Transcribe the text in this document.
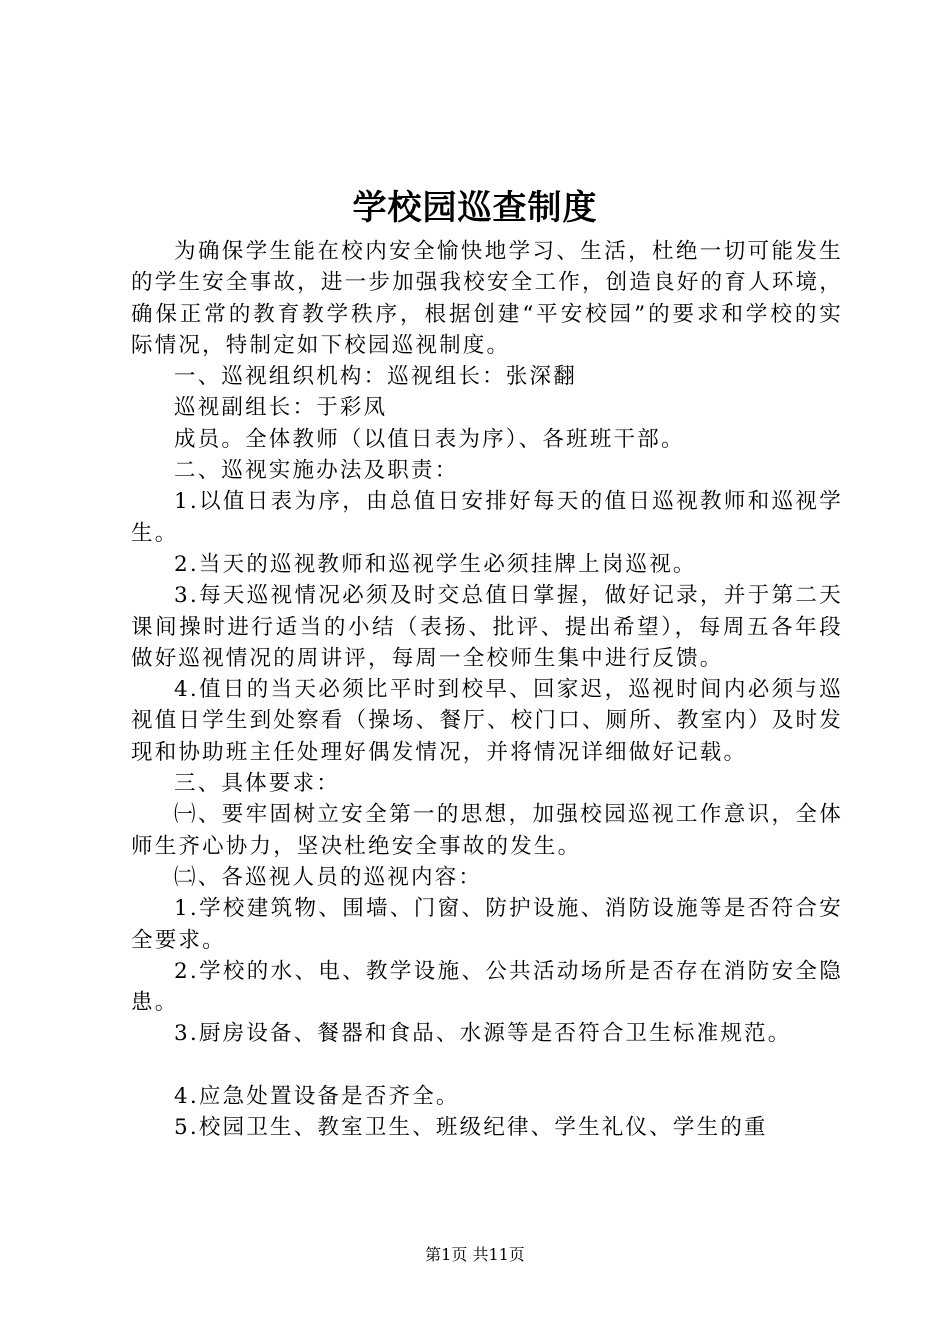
学校园巡查制度

为确保学生能在校内安全愉快地学习、生活，杜绝一切可能发生的学生安全事故，进一步加强我校安全工作，创造良好的育人环境，确保正常的教育教学秩序，根据创建“平安校园”的要求和学校的实际情况，特制定如下校园巡视制度。

一、巡视组织机构：巡视组长：张深翻

巡视副组长：于彩凤

成员。全体教师（以值日表为序）、各班班干部。

二、巡视实施办法及职责：

1.以值日表为序，由总值日安排好每天的值日巡视教师和巡视学生。

2.当天的巡视教师和巡视学生必须挂牌上岗巡视。

3.每天巡视情况必须及时交总值日掌握，做好记录，并于第二天课间操时进行适当的小结（表扬、批评、提出希望），每周五各年段做好巡视情况的周讲评，每周一全校师生集中进行反馈。

4.值日的当天必须比平时到校早、回家迟，巡视时间内必须与巡视值日学生到处察看（操场、餐厅、校门口、厕所、教室内）及时发现和协助班主任处理好偶发情况，并将情况详细做好记载。

三、具体要求：

㈠、要牢固树立安全第一的思想，加强校园巡视工作意识，全体师生齐心协力，坚决杜绝安全事故的发生。

㈡、各巡视人员的巡视内容：

1.学校建筑物、围墙、门窗、防护设施、消防设施等是否符合安全要求。

2.学校的水、电、教学设施、公共活动场所是否存在消防安全隐患。

3.厨房设备、餐器和食品、水源等是否符合卫生标准规范。

4.应急处置设备是否齐全。

5.校园卫生、教室卫生、班级纪律、学生礼仪、学生的重

第1页 共11页
